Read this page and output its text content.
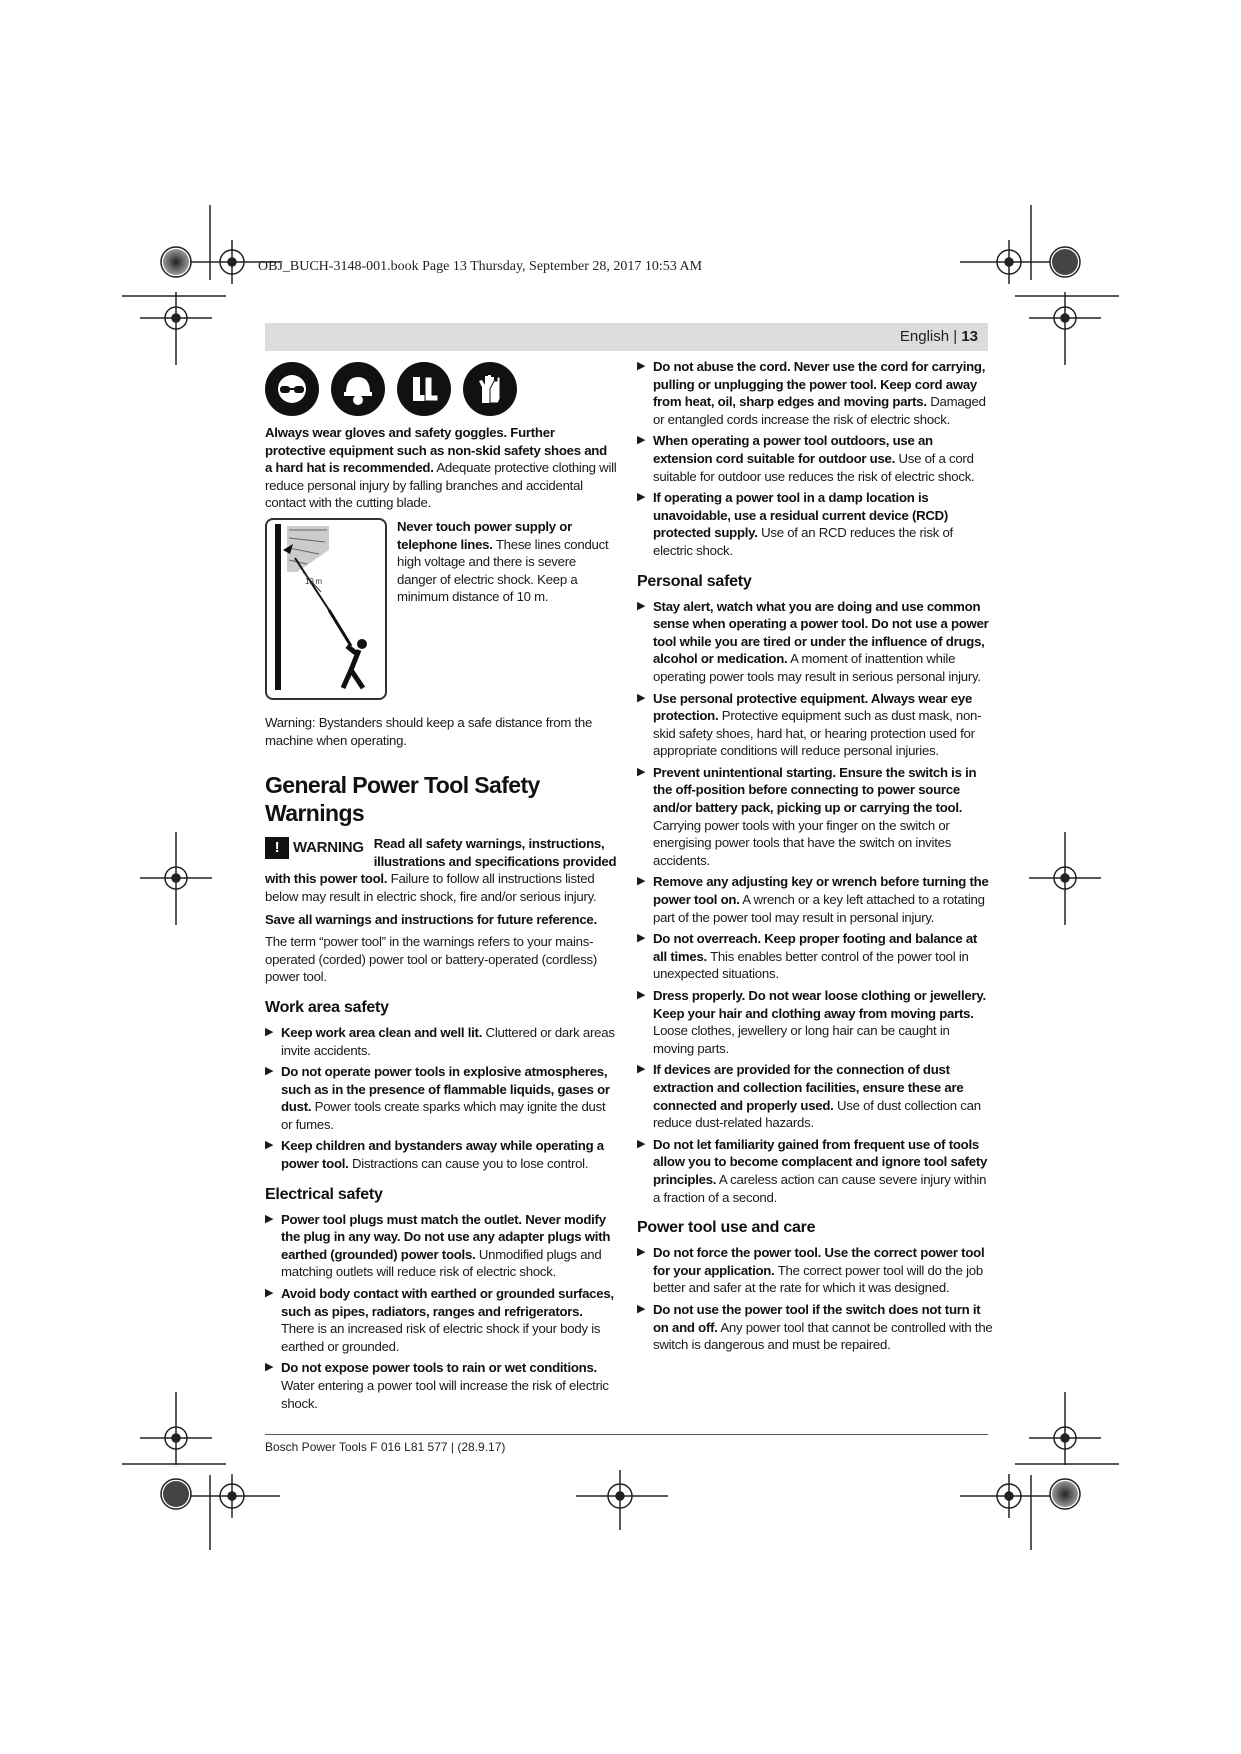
OBJ_BUCH-3148-001.book Page 13 Thursday, September 28, 2017 10:53 AM
English | 13

Always wear gloves and safety goggles. Further protective equipment such as non-skid safety shoes and a hard hat is recommended. Adequate protective clothing will reduce personal injury by falling branches and accidental contact with the cutting blade.

10 m

Never touch power supply or telephone lines. These lines conduct high voltage and there is severe danger of electric shock. Keep a minimum distance of 10 m.

Warning: Bystanders should keep a safe distance from the machine when operating.

General Power Tool Safety Warnings

! WARNING Read all safety warnings, instructions, illustrations and specifications provided with this power tool. Failure to follow all instructions listed below may result in electric shock, fire and/or serious injury.

Save all warnings and instructions for future reference.

The term “power tool” in the warnings refers to your mains-operated (corded) power tool or battery-operated (cordless) power tool.

Work area safety
▶ Keep work area clean and well lit. Cluttered or dark areas invite accidents.
▶ Do not operate power tools in explosive atmospheres, such as in the presence of flammable liquids, gases or dust. Power tools create sparks which may ignite the dust or fumes.
▶ Keep children and bystanders away while operating a power tool. Distractions can cause you to lose control.
Electrical safety
▶ Power tool plugs must match the outlet. Never modify the plug in any way. Do not use any adapter plugs with earthed (grounded) power tools. Unmodified plugs and matching outlets will reduce risk of electric shock.
▶ Avoid body contact with earthed or grounded surfaces, such as pipes, radiators, ranges and refrigerators. There is an increased risk of electric shock if your body is earthed or grounded.
▶ Do not expose power tools to rain or wet conditions. Water entering a power tool will increase the risk of electric shock.
▶ Do not abuse the cord. Never use the cord for carrying, pulling or unplugging the power tool. Keep cord away from heat, oil, sharp edges and moving parts. Damaged or entangled cords increase the risk of electric shock.
▶ When operating a power tool outdoors, use an extension cord suitable for outdoor use. Use of a cord suitable for outdoor use reduces the risk of electric shock.
▶ If operating a power tool in a damp location is unavoidable, use a residual current device (RCD) protected supply. Use of an RCD reduces the risk of electric shock.
Personal safety
▶ Stay alert, watch what you are doing and use common sense when operating a power tool. Do not use a power tool while you are tired or under the influence of drugs, alcohol or medication. A moment of inattention while operating power tools may result in serious personal injury.
▶ Use personal protective equipment. Always wear eye protection. Protective equipment such as dust mask, non-skid safety shoes, hard hat, or hearing protection used for appropriate conditions will reduce personal injuries.
▶ Prevent unintentional starting. Ensure the switch is in the off-position before connecting to power source and/or battery pack, picking up or carrying the tool. Carrying power tools with your finger on the switch or energising power tools that have the switch on invites accidents.
▶ Remove any adjusting key or wrench before turning the power tool on. A wrench or a key left attached to a rotating part of the power tool may result in personal injury.
▶ Do not overreach. Keep proper footing and balance at all times. This enables better control of the power tool in unexpected situations.
▶ Dress properly. Do not wear loose clothing or jewellery. Keep your hair and clothing away from moving parts. Loose clothes, jewellery or long hair can be caught in moving parts.
▶ If devices are provided for the connection of dust extraction and collection facilities, ensure these are connected and properly used. Use of dust collection can reduce dust-related hazards.
▶ Do not let familiarity gained from frequent use of tools allow you to become complacent and ignore tool safety principles. A careless action can cause severe injury within a fraction of a second.
Power tool use and care
▶ Do not force the power tool. Use the correct power tool for your application. The correct power tool will do the job better and safer at the rate for which it was designed.
▶ Do not use the power tool if the switch does not turn it on and off. Any power tool that cannot be controlled with the switch is dangerous and must be repaired.
Bosch Power Tools F 016 L81 577 | (28.9.17)
